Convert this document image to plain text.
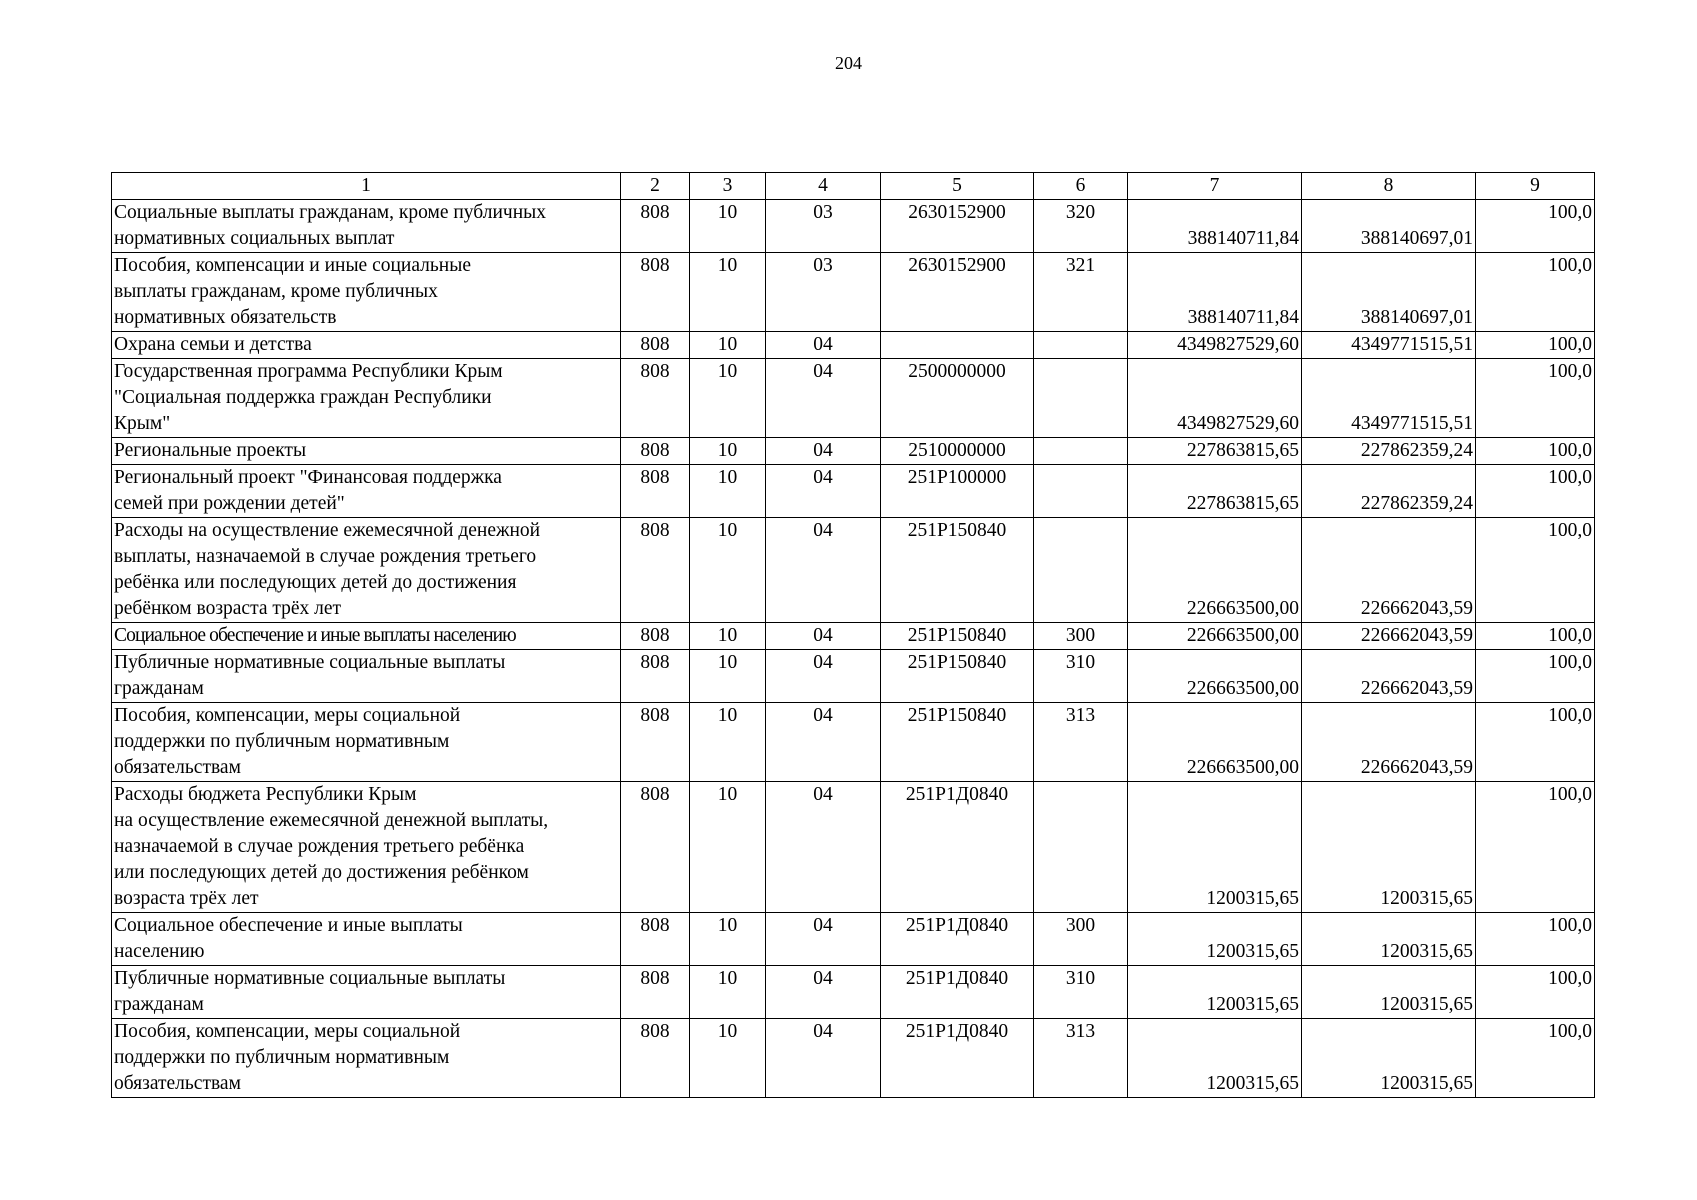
204
1	2	3	4	5	6	7	8	9
Социальные выплаты гражданам, кроме публичных
нормативных социальных выплат	808	10	03	2630152900	320	388140711,84	388140697,01	100,0
Пособия, компенсации и иные социальные
выплаты гражданам, кроме публичных
нормативных обязательств	808	10	03	2630152900	321	388140711,84	388140697,01	100,0
Охрана семьи и детства	808	10	04			4349827529,60	4349771515,51	100,0
Государственная программа Республики Крым
"Социальная поддержка граждан Республики
Крым"	808	10	04	2500000000		4349827529,60	4349771515,51	100,0
Региональные проекты	808	10	04	2510000000		227863815,65	227862359,24	100,0
Региональный проект "Финансовая поддержка
семей при рождении детей"	808	10	04	251P100000		227863815,65	227862359,24	100,0
Расходы на осуществление ежемесячной денежной
выплаты, назначаемой в случае рождения третьего
ребёнка или последующих детей до достижения
ребёнком возраста трёх лет	808	10	04	251P150840		226663500,00	226662043,59	100,0
Социальное обеспечение и иные выплаты населению	808	10	04	251P150840	300	226663500,00	226662043,59	100,0
Публичные нормативные социальные выплаты
гражданам	808	10	04	251P150840	310	226663500,00	226662043,59	100,0
Пособия, компенсации, меры социальной
поддержки по публичным нормативным
обязательствам	808	10	04	251P150840	313	226663500,00	226662043,59	100,0
Расходы бюджета Республики Крым
на осуществление ежемесячной денежной выплаты,
назначаемой в случае рождения третьего ребёнка
или последующих детей до достижения ребёнком
возраста трёх лет	808	10	04	251P1Д0840		1200315,65	1200315,65	100,0
Социальное обеспечение и иные выплаты
населению	808	10	04	251P1Д0840	300	1200315,65	1200315,65	100,0
Публичные нормативные социальные выплаты
гражданам	808	10	04	251P1Д0840	310	1200315,65	1200315,65	100,0
Пособия, компенсации, меры социальной
поддержки по публичным нормативным
обязательствам	808	10	04	251P1Д0840	313	1200315,65	1200315,65	100,0
